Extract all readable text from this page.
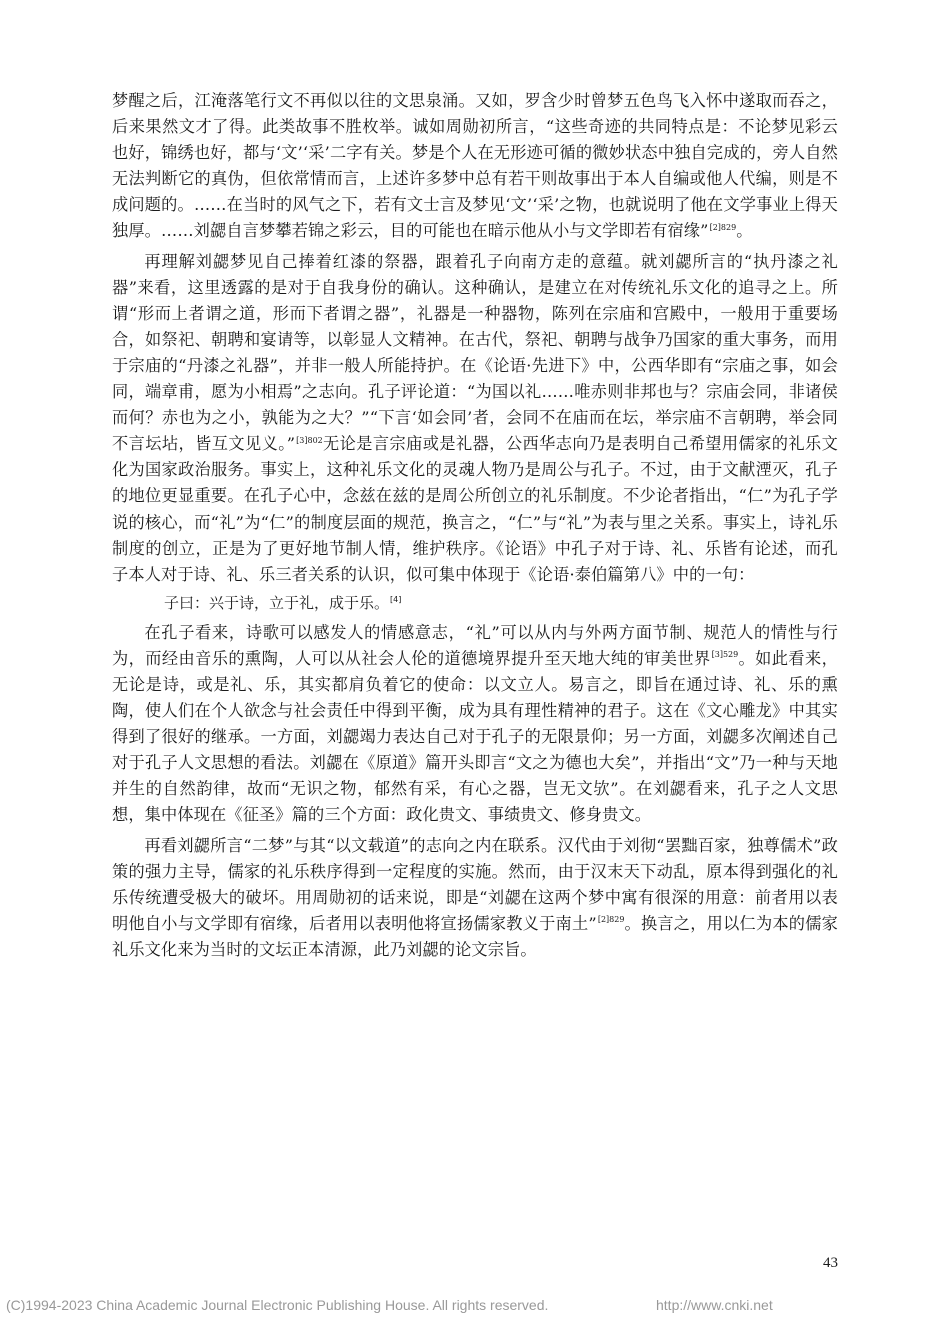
梦醒之后，江淹落笔行文不再似以往的文思泉涌。又如，罗含少时曾梦五色鸟飞入怀中遂取而吞之，后来果然文才了得。此类故事不胜枚举。诚如周勋初所言，“这些奇迹的共同特点是：不论梦见彩云也好，锦绣也好，都与‘文’‘采’二字有关。梦是个人在无形迹可循的微妙状态中独自完成的，旁人自然无法判断它的真伪，但依常情而言，上述许多梦中总有若干则故事出于本人自编或他人代编，则是不成问题的。……在当时的风气之下，若有文士言及梦见‘文’‘采’之物，也就说明了他在文学事业上得天独厚。……刘勰自言梦攀若锦之彩云，目的可能也在暗示他从小与文学即若有宿缘”$^{[2]829}$。

再理解刘勰梦见自己捧着红漆的祭器，跟着孔子向南方走的意蕴。就刘勰所言的“执丹漆之礼器”来看，这里透露的是对于自我身份的确认。这种确认，是建立在对传统礼乐文化的追寻之上。所谓“形而上者谓之道，形而下者谓之器”，礼器是一种器物，陈列在宗庙和宫殿中，一般用于重要场合，如祭祀、朝聘和宴请等，以彰显人文精神。在古代，祭祀、朝聘与战争乃国家的重大事务，而用于宗庙的“丹漆之礼器”，并非一般人所能持护。在《论语·先进下》中，公西华即有“宗庙之事，如会同，端章甫，愿为小相焉”之志向。孔子评论道：“为国以礼……唯赤则非邦也与？宗庙会同，非诸侯而何？赤也为之小，孰能为之大？”“下言‘如会同’者，会同不在庙而在坛，举宗庙不言朝聘，举会同不言坛坫，皆互文见义。”$^{[3]802}$无论是言宗庙或是礼器，公西华志向乃是表明自己希望用儒家的礼乐文化为国家政治服务。事实上，这种礼乐文化的灵魂人物乃是周公与孔子。不过，由于文献湮灭，孔子的地位更显重要。在孔子心中，念兹在兹的是周公所创立的礼乐制度。不少论者指出，“仁”为孔子学说的核心，而“礼”为“仁”的制度层面的规范，换言之，“仁”与“礼”为表与里之关系。事实上，诗礼乐制度的创立，正是为了更好地节制人情，维护秩序。《论语》中孔子对于诗、礼、乐皆有论述，而孔子本人对于诗、礼、乐三者关系的认识，似可集中体现于《论语·泰伯篇第八》中的一句：

子曰：兴于诗，立于礼，成于乐。[4]

在孔子看来，诗歌可以感发人的情感意志，“礼”可以从内与外两方面节制、规范人的情性与行为，而经由音乐的熏陶，人可以从社会人伦的道德境界提升至天地大纯的审美世界$^{[3]529}$。如此看来，无论是诗，或是礼、乐，其实都肩负着它的使命：以文立人。易言之，即旨在通过诗、礼、乐的熏陶，使人们在个人欲念与社会责任中得到平衡，成为具有理性精神的君子。这在《文心雕龙》中其实得到了很好的继承。一方面，刘勰竭力表达自己对于孔子的无限景仰；另一方面，刘勰多次阐述自己对于孔子人文思想的看法。刘勰在《原道》篇开头即言“文之为德也大矣”，并指出“文”乃一种与天地并生的自然韵律，故而“无识之物，郁然有采，有心之器，岂无文欤”。在刘勰看来，孔子之人文思想，集中体现在《征圣》篇的三个方面：政化贵文、事绩贵文、修身贵文。

再看刘勰所言“二梦”与其“以文载道”的志向之内在联系。汉代由于刘彻“罢黜百家，独尊儒术”政策的强力主导，儒家的礼乐秩序得到一定程度的实施。然而，由于汉末天下动乱，原本得到强化的礼乐传统遭受极大的破坏。用周勋初的话来说，即是“刘勰在这两个梦中寓有很深的用意：前者用以表明他自小与文学即有宿缘，后者用以表明他将宣扬儒家教义于南土”$^{[2]829}$。换言之，用以仁为本的儒家礼乐文化来为当时的文坛正本清源，此乃刘勰的论文宗旨。

43
(C)1994-2023 China Academic Journal Electronic Publishing House. All rights reserved.	http://www.cnki.net
